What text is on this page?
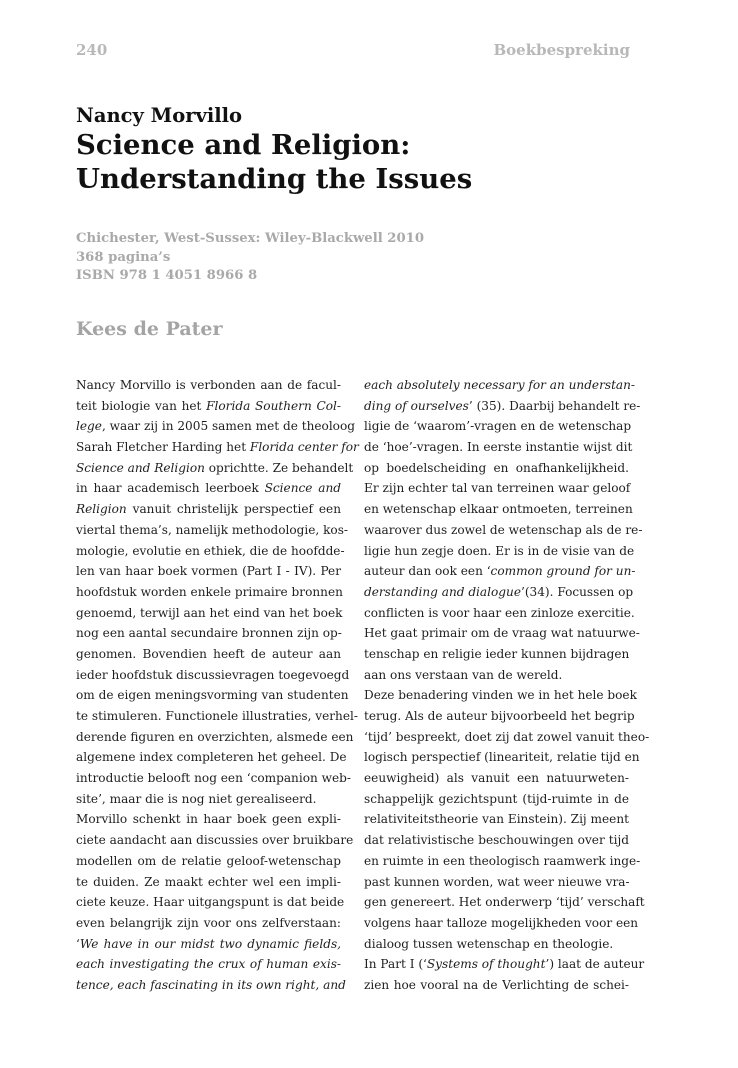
240	Boekbespreking
Nancy Morvillo
Science and Religion:
Understanding the Issues
Chichester, West-Sussex: Wiley-Blackwell 2010
368 pagina’s
ISBN 978 1 4051 8966 8
Kees de Pater
Nancy Morvillo is verbonden aan de facul-
teit biologie van het Florida Southern Col-
lege, waar zij in 2005 samen met de theoloog
Sarah Fletcher Harding het Florida center for
Science and Religion oprichtte. Ze behandelt
in haar academisch leerboek Science and
Religion vanuit christelijk perspectief een
viertal thema’s, namelijk methodologie, kos-
mologie, evolutie en ethiek, die de hoofdde-
len van haar boek vormen (Part I - IV). Per
hoofdstuk worden enkele primaire bronnen
genoemd, terwijl aan het eind van het boek
nog een aantal secundaire bronnen zijn op-
genomen. Bovendien heeft de auteur aan
ieder hoofdstuk discussievragen toegevoegd
om de eigen meningsvorming van studenten
te stimuleren. Functionele illustraties, verhel-
derende figuren en overzichten, alsmede een
algemene index completeren het geheel. De
introductie belooft nog een ‘companion web-
site’, maar die is nog niet gerealiseerd.
Morvillo schenkt in haar boek geen expli-
ciete aandacht aan discussies over bruikbare
modellen om de relatie geloof-wetenschap
te duiden. Ze maakt echter wel een impli-
ciete keuze. Haar uitgangspunt is dat beide
even belangrijk zijn voor ons zelfverstaan:
‘We have in our midst two dynamic fields,
each investigating the crux of human exis-
tence, each fascinating in its own right, and
each absolutely necessary for an understan-
ding of ourselves’ (35). Daarbij behandelt re-
ligie de ‘waarom’-vragen en de wetenschap
de ‘hoe’-vragen. In eerste instantie wijst dit
op boedelscheiding en onafhankelijkheid.
Er zijn echter tal van terreinen waar geloof
en wetenschap elkaar ontmoeten, terreinen
waarover dus zowel de wetenschap als de re-
ligie hun zegje doen. Er is in de visie van de
auteur dan ook een ‘common ground for un-
derstanding and dialogue’(34). Focussen op
conflicten is voor haar een zinloze exercitie.
Het gaat primair om de vraag wat natuurwe-
tenschap en religie ieder kunnen bijdragen
aan ons verstaan van de wereld.
Deze benadering vinden we in het hele boek
terug. Als de auteur bijvoorbeeld het begrip
‘tijd’ bespreekt, doet zij dat zowel vanuit theo-
logisch perspectief (lineariteit, relatie tijd en
eeuwigheid) als vanuit een natuurweten-
schappelijk gezichtspunt (tijd-ruimte in de
relativiteitstheorie van Einstein). Zij meent
dat relativistische beschouwingen over tijd
en ruimte in een theologisch raamwerk inge-
past kunnen worden, wat weer nieuwe vra-
gen genereert. Het onderwerp ‘tijd’ verschaft
volgens haar talloze mogelijkheden voor een
dialoog tussen wetenschap en theologie.
In Part I (‘Systems of thought’) laat de auteur
zien hoe vooral na de Verlichting de schei-
